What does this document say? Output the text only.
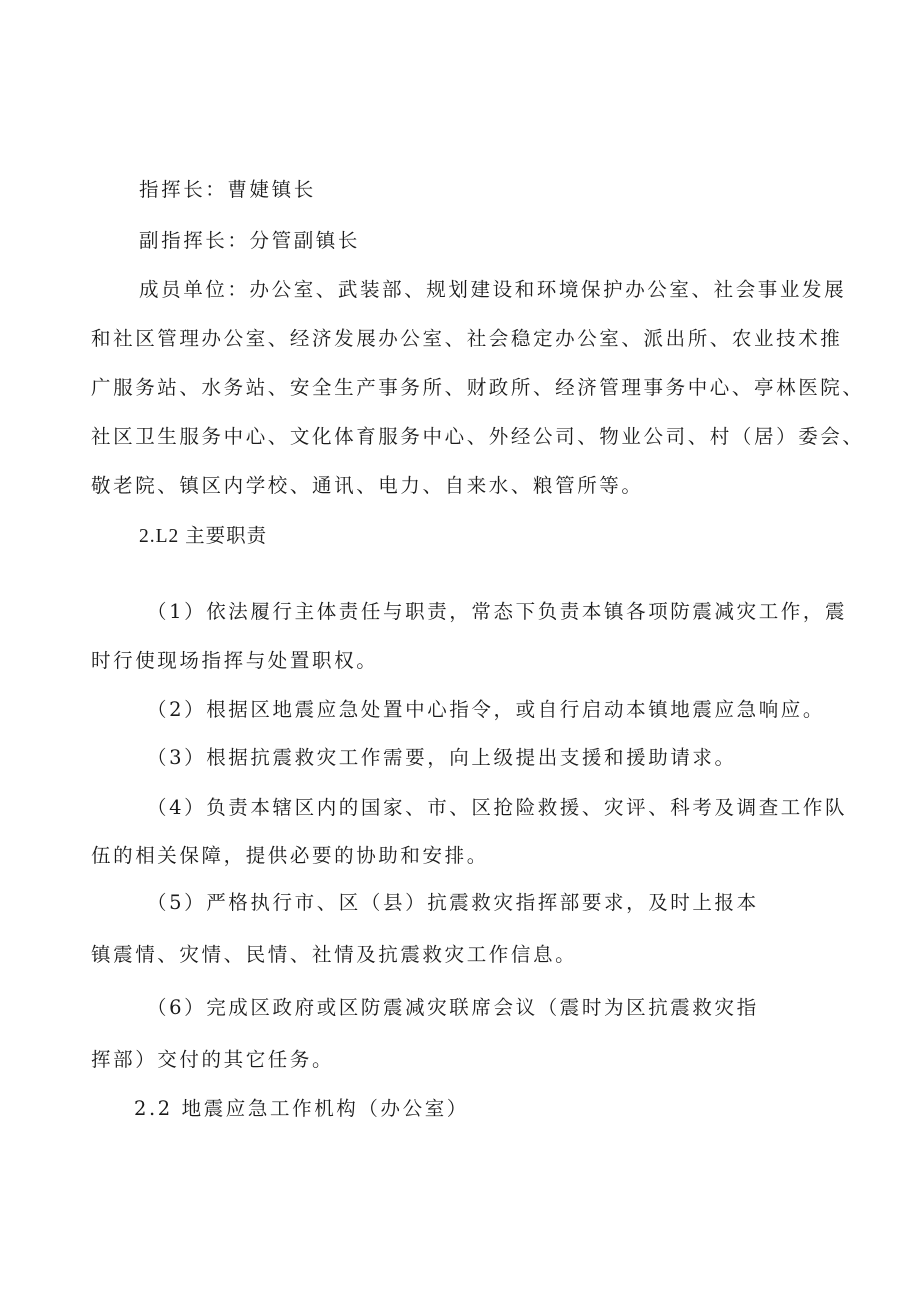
指挥长：曹婕镇长
副指挥长：分管副镇长
成员单位：办公室、武装部、规划建设和环境保护办公室、社会事业发展
和社区管理办公室、经济发展办公室、社会稳定办公室、派出所、农业技术推
广服务站、水务站、安全生产事务所、财政所、经济管理事务中心、亭林医院、
社区卫生服务中心、文化体育服务中心、外经公司、物业公司、村（居）委会、
敬老院、镇区内学校、通讯、电力、自来水、粮管所等。
2.L2 主要职责
（1）依法履行主体责任与职责，常态下负责本镇各项防震减灾工作，震
时行使现场指挥与处置职权。
（2）根据区地震应急处置中心指令，或自行启动本镇地震应急响应。
（3）根据抗震救灾工作需要，向上级提出支援和援助请求。
（4）负责本辖区内的国家、市、区抢险救援、灾评、科考及调查工作队
伍的相关保障，提供必要的协助和安排。
（5）严格执行市、区（县）抗震救灾指挥部要求，及时上报本
镇震情、灾情、民情、社情及抗震救灾工作信息。
（6）完成区政府或区防震减灾联席会议（震时为区抗震救灾指
挥部）交付的其它任务。
2.2 地震应急工作机构（办公室）
